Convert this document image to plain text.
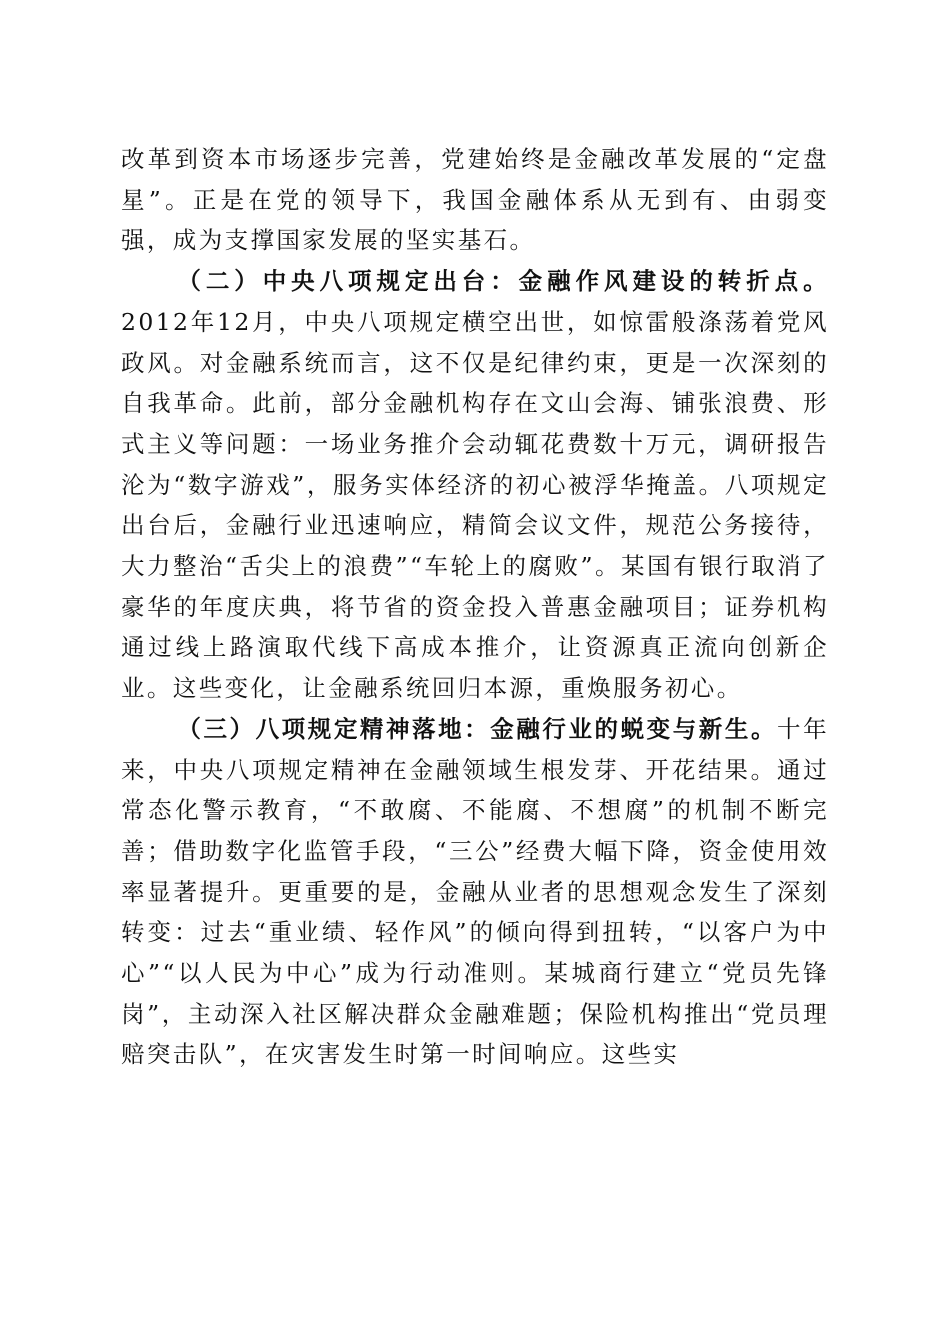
改革到资本市场逐步完善，党建始终是金融改革发展的“定盘星”。正是在党的领导下，我国金融体系从无到有、由弱变强，成为支撑国家发展的坚实基石。

（二）中央八项规定出台：金融作风建设的转折点。2012年12月，中央八项规定横空出世，如惊雷般涤荡着党风政风。对金融系统而言，这不仅是纪律约束，更是一次深刻的自我革命。此前，部分金融机构存在文山会海、铺张浪费、形式主义等问题：一场业务推介会动辄花费数十万元，调研报告沦为“数字游戏”，服务实体经济的初心被浮华掩盖。八项规定出台后，金融行业迅速响应，精简会议文件，规范公务接待，大力整治“舌尖上的浪费”“车轮上的腐败”。某国有银行取消了豪华的年度庆典，将节省的资金投入普惠金融项目；证券机构通过线上路演取代线下高成本推介，让资源真正流向创新企业。这些变化，让金融系统回归本源，重焕服务初心。

（三）八项规定精神落地：金融行业的蜕变与新生。十年来，中央八项规定精神在金融领域生根发芽、开花结果。通过常态化警示教育，“不敢腐、不能腐、不想腐”的机制不断完善；借助数字化监管手段，“三公”经费大幅下降，资金使用效率显著提升。更重要的是，金融从业者的思想观念发生了深刻转变：过去“重业绩、轻作风”的倾向得到扭转，“以客户为中心”“以人民为中心”成为行动准则。某城商行建立“党员先锋岗”，主动深入社区解决群众金融难题；保险机构推出“党员理赔突击队”，在灾害发生时第一时间响应。这些实
